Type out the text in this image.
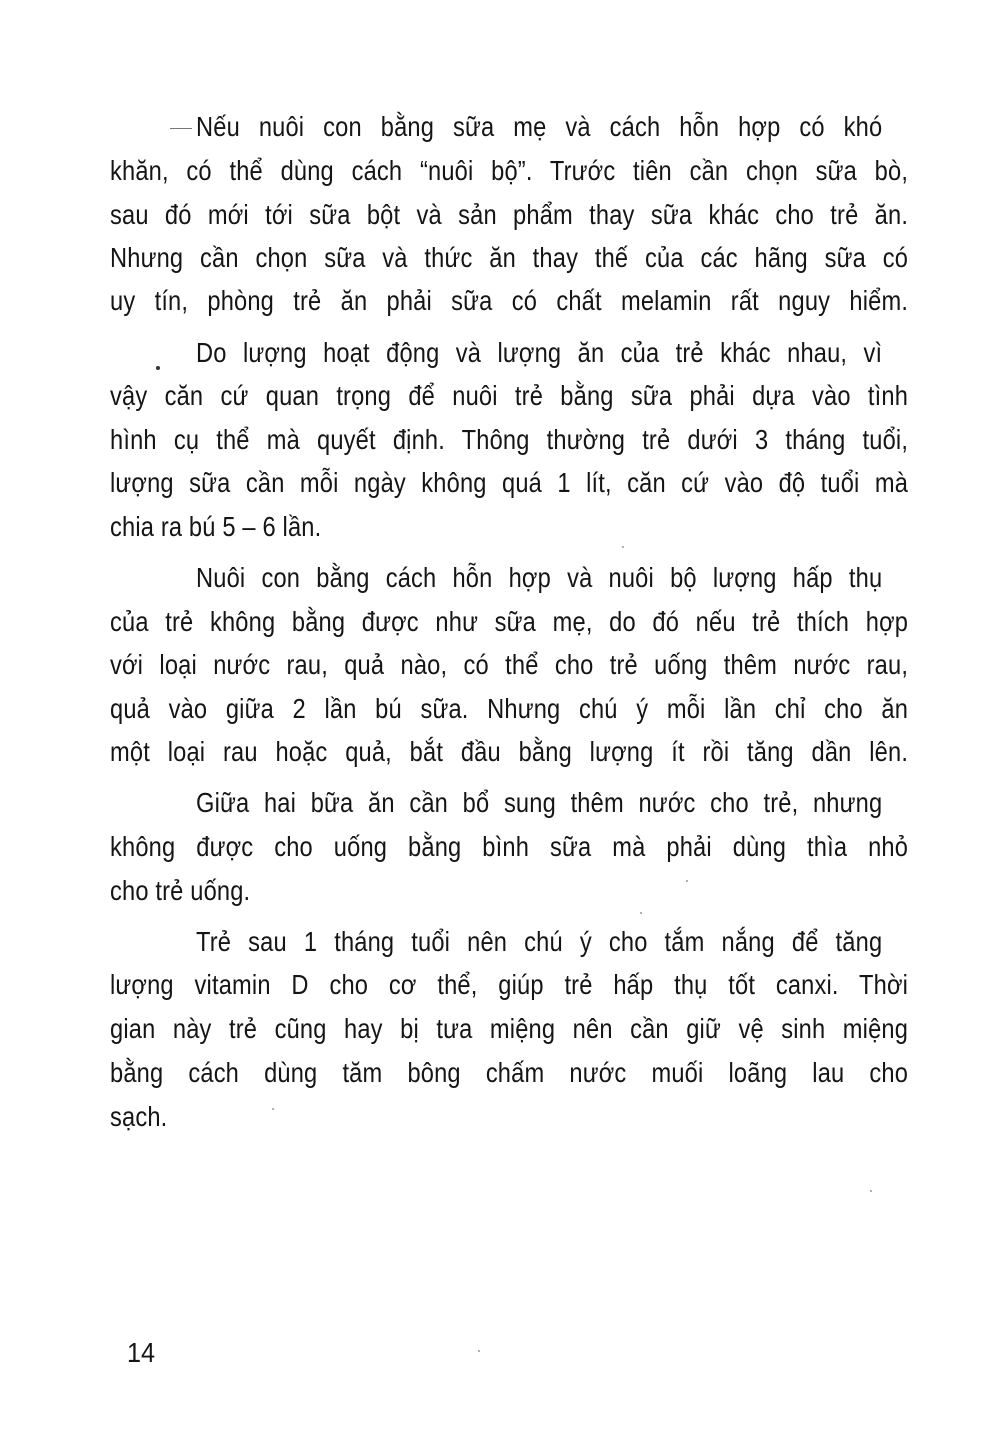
Nếu nuôi con bằng sữa mẹ và cách hỗn hợp có khó
khăn, có thể dùng cách “nuôi bộ”. Trước tiên cần chọn sữa bò,
sau đó mới tới sữa bột và sản phẩm thay sữa khác cho trẻ ăn.
Nhưng cần chọn sữa và thức ăn thay thế của các hãng sữa có
uy tín, phòng trẻ ăn phải sữa có chất melamin rất nguy hiểm.
Do lượng hoạt động và lượng ăn của trẻ khác nhau, vì
vậy căn cứ quan trọng để nuôi trẻ bằng sữa phải dựa vào tình
hình cụ thể mà quyết định. Thông thường trẻ dưới 3 tháng tuổi,
lượng sữa cần mỗi ngày không quá 1 lít, căn cứ vào độ tuổi mà
chia ra bú 5 – 6 lần.
Nuôi con bằng cách hỗn hợp và nuôi bộ lượng hấp thụ
của trẻ không bằng được như sữa mẹ, do đó nếu trẻ thích hợp
với loại nước rau, quả nào, có thể cho trẻ uống thêm nước rau,
quả vào giữa 2 lần bú sữa. Nhưng chú ý mỗi lần chỉ cho ăn
một loại rau hoặc quả, bắt đầu bằng lượng ít rồi tăng dần lên.
Giữa hai bữa ăn cần bổ sung thêm nước cho trẻ, nhưng
không được cho uống bằng bình sữa mà phải dùng thìa nhỏ
cho trẻ uống.
Trẻ sau 1 tháng tuổi nên chú ý cho tắm nắng để tăng
lượng vitamin D cho cơ thể, giúp trẻ hấp thụ tốt canxi. Thời
gian này trẻ cũng hay bị tưa miệng nên cần giữ vệ sinh miệng
bằng cách dùng tăm bông chấm nước muối loãng lau cho
sạch.
14
